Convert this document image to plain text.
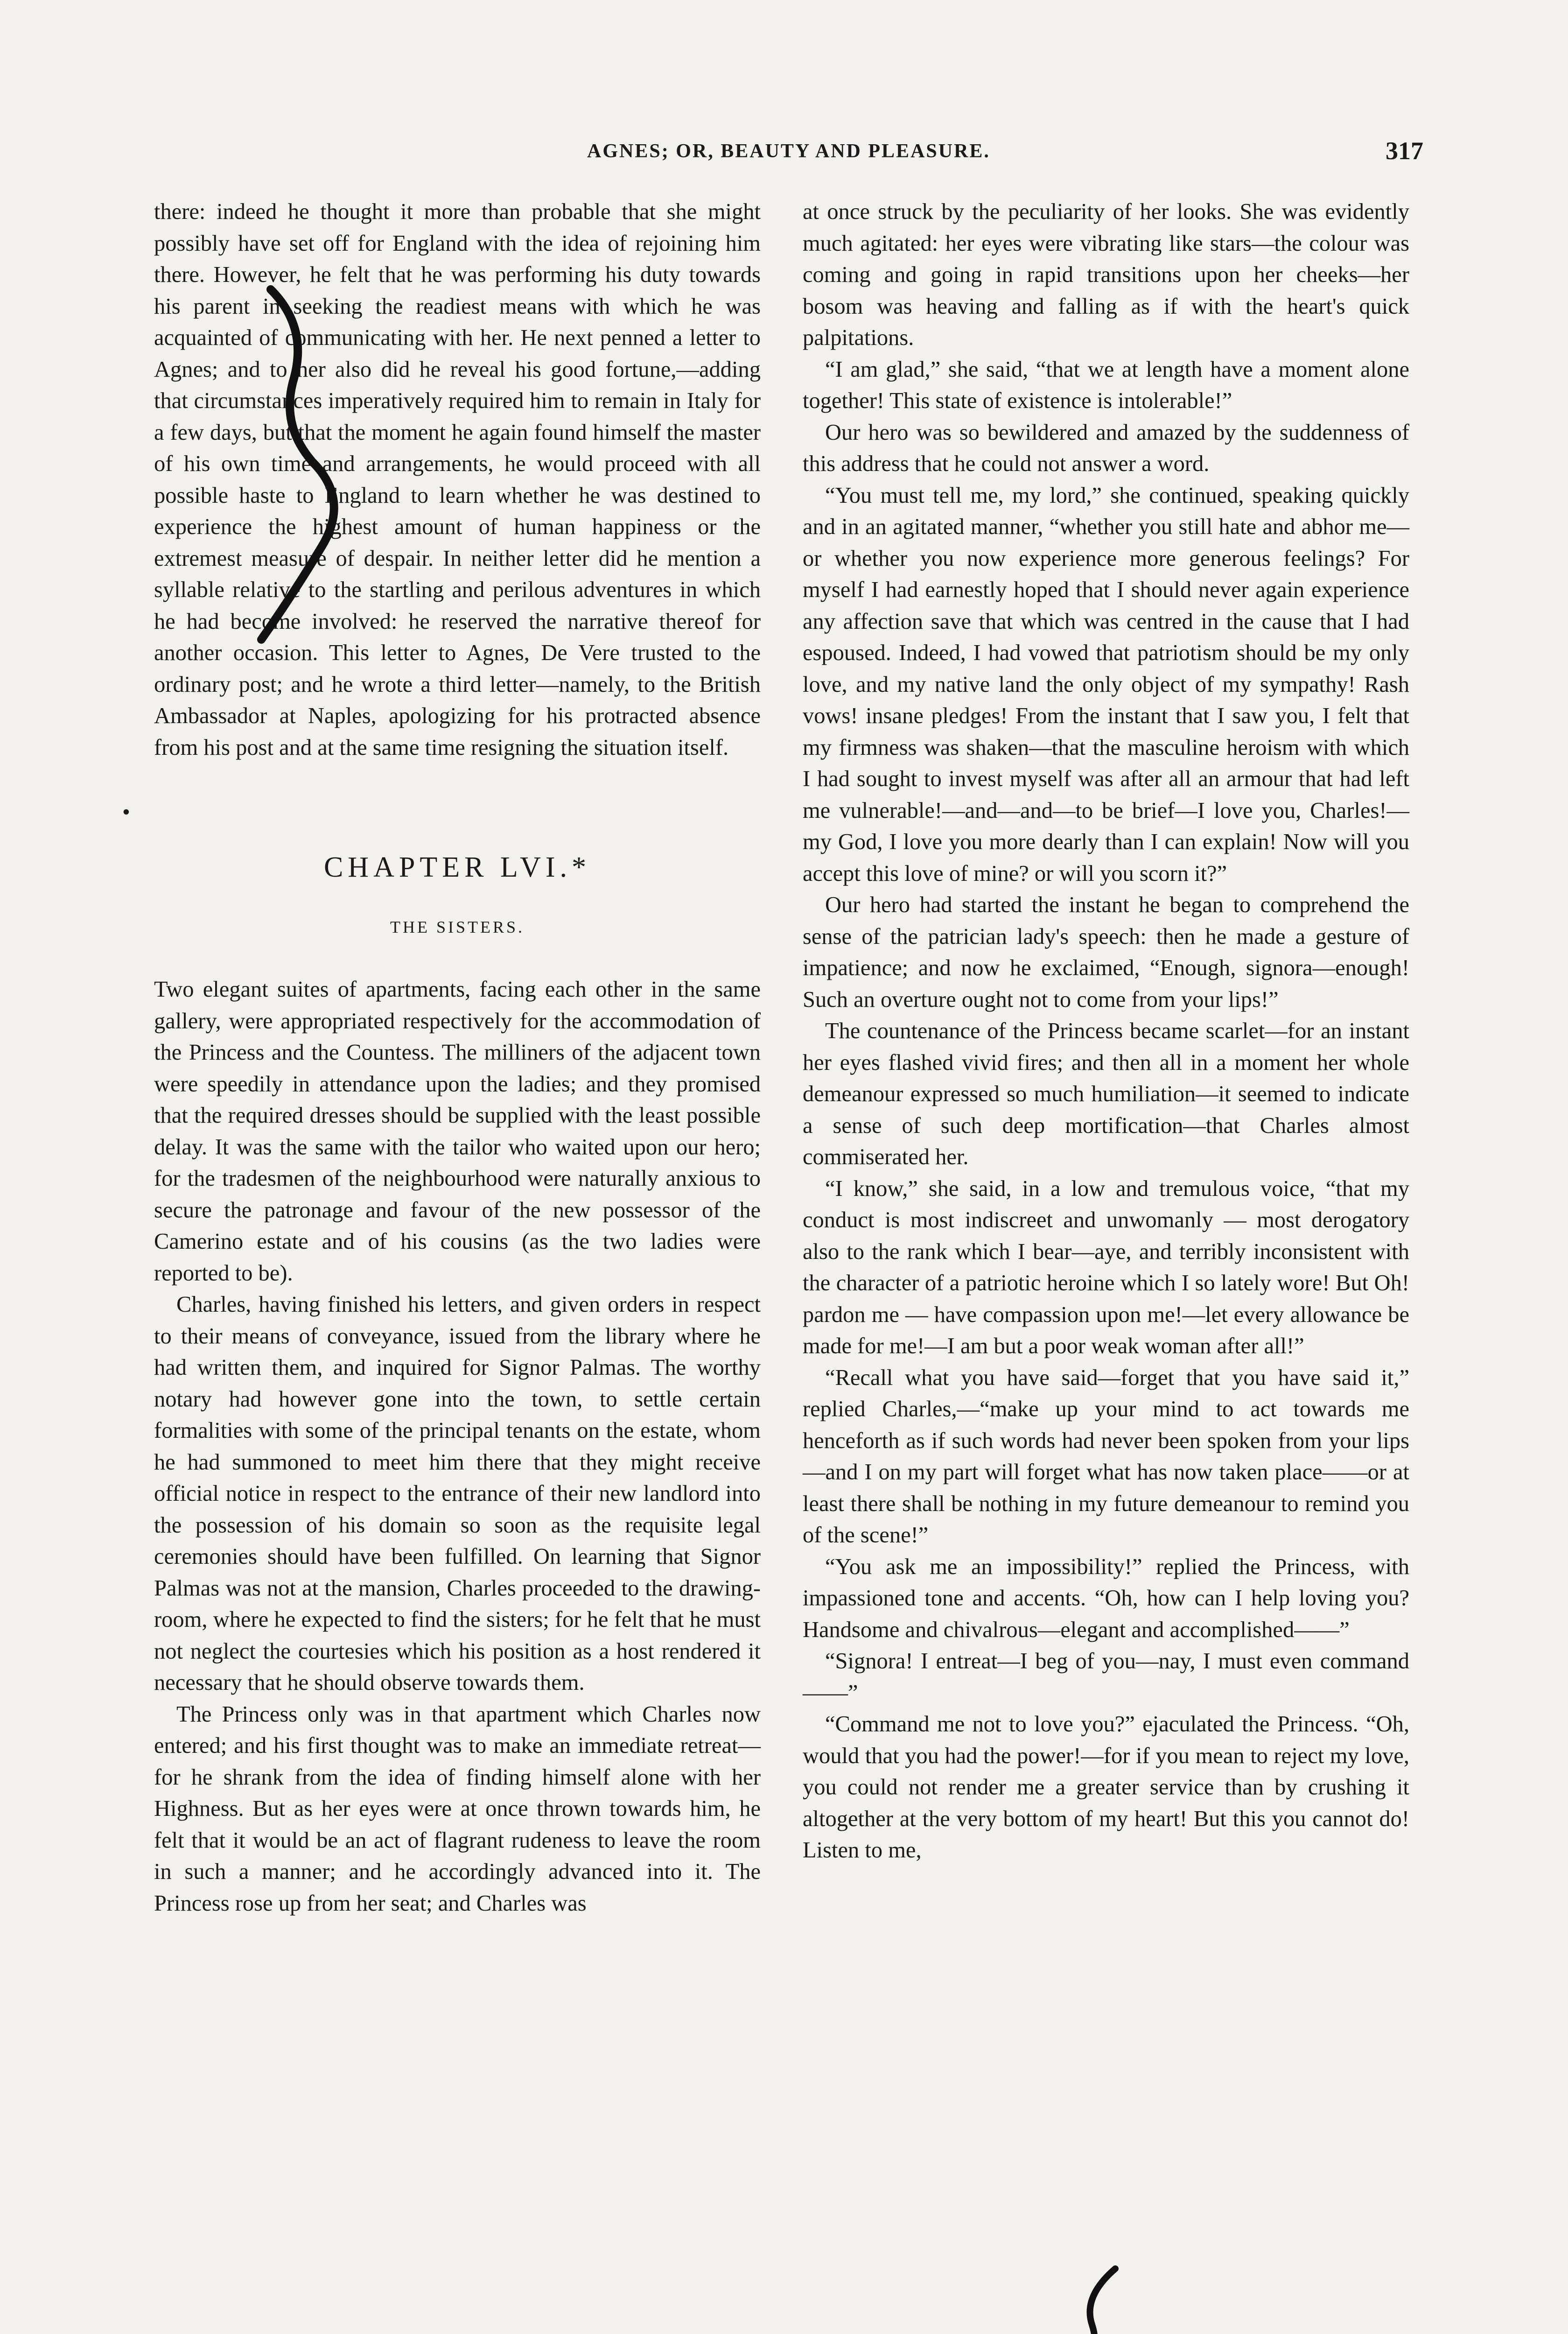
AGNES; OR, BEAUTY AND PLEASURE.	317

there: indeed he thought it more than probable that she might possibly have set off for England with the idea of rejoining him there. However, he felt that he was performing his duty towards his parent in seeking the readiest means with which he was acquainted of communicating with her. He next penned a letter to Agnes; and to her also did he reveal his good fortune,—adding that circumstances imperatively required him to remain in Italy for a few days, but that the moment he again found himself the master of his own time and arrangements, he would proceed with all possible haste to England to learn whether he was destined to experience the highest amount of human happiness or the extremest measure of despair. In neither letter did he mention a syllable relative to the startling and perilous adventures in which he had become involved: he reserved the narrative thereof for another occasion. This letter to Agnes, De Vere trusted to the ordinary post; and he wrote a third letter—namely, to the British Ambassador at Naples, apologizing for his protracted absence from his post and at the same time resigning the situation itself.

CHAPTER LVI.*
THE SISTERS.

Two elegant suites of apartments, facing each other in the same gallery, were appropriated respectively for the accommodation of the Princess and the Countess. The milliners of the adjacent town were speedily in attendance upon the ladies; and they promised that the required dresses should be supplied with the least possible delay. It was the same with the tailor who waited upon our hero; for the tradesmen of the neighbourhood were naturally anxious to secure the patronage and favour of the new possessor of the Camerino estate and of his cousins (as the two ladies were reported to be).

Charles, having finished his letters, and given orders in respect to their means of conveyance, issued from the library where he had written them, and inquired for Signor Palmas. The worthy notary had however gone into the town, to settle certain formalities with some of the principal tenants on the estate, whom he had summoned to meet him there that they might receive official notice in respect to the entrance of their new landlord into the possession of his domain so soon as the requisite legal ceremonies should have been fulfilled. On learning that Signor Palmas was not at the mansion, Charles proceeded to the drawing-room, where he expected to find the sisters; for he felt that he must not neglect the courtesies which his position as a host rendered it necessary that he should observe towards them.

The Princess only was in that apartment which Charles now entered; and his first thought was to make an immediate retreat—for he shrank from the idea of finding himself alone with her Highness. But as her eyes were at once thrown towards him, he felt that it would be an act of flagrant rudeness to leave the room in such a manner; and he accordingly advanced into it. The Princess rose up from her seat; and Charles was

at once struck by the peculiarity of her looks. She was evidently much agitated: her eyes were vibrating like stars—the colour was coming and going in rapid transitions upon her cheeks—her bosom was heaving and falling as if with the heart's quick palpitations.

“I am glad,” she said, “that we at length have a moment alone together! This state of existence is intolerable!”

Our hero was so bewildered and amazed by the suddenness of this address that he could not answer a word.

“You must tell me, my lord,” she continued, speaking quickly and in an agitated manner, “whether you still hate and abhor me—or whether you now experience more generous feelings? For myself I had earnestly hoped that I should never again experience any affection save that which was centred in the cause that I had espoused. Indeed, I had vowed that patriotism should be my only love, and my native land the only object of my sympathy! Rash vows! insane pledges! From the instant that I saw you, I felt that my firmness was shaken—that the masculine heroism with which I had sought to invest myself was after all an armour that had left me vulnerable!—and—and—to be brief—I love you, Charles!—my God, I love you more dearly than I can explain! Now will you accept this love of mine? or will you scorn it?”

Our hero had started the instant he began to comprehend the sense of the patrician lady's speech: then he made a gesture of impatience; and now he exclaimed, “Enough, signora—enough! Such an overture ought not to come from your lips!”

The countenance of the Princess became scarlet—for an instant her eyes flashed vivid fires; and then all in a moment her whole demeanour expressed so much humiliation—it seemed to indicate a sense of such deep mortification—that Charles almost commiserated her.

“I know,” she said, in a low and tremulous voice, “that my conduct is most indiscreet and unwomanly — most derogatory also to the rank which I bear—aye, and terribly inconsistent with the character of a patriotic heroine which I so lately wore! But Oh! pardon me — have compassion upon me!—let every allowance be made for me!—I am but a poor weak woman after all!”

“Recall what you have said—forget that you have said it,” replied Charles,—“make up your mind to act towards me henceforth as if such words had never been spoken from your lips—and I on my part will forget what has now taken place——or at least there shall be nothing in my future demeanour to remind you of the scene!”

“You ask me an impossibility!” replied the Princess, with impassioned tone and accents. “Oh, how can I help loving you? Handsome and chivalrous—elegant and accomplished——”

“Signora! I entreat—I beg of you—nay, I must even command——”

“Command me not to love you?” ejaculated the Princess. “Oh, would that you had the power!—for if you mean to reject my love, you could not render me a greater service than by crushing it altogether at the very bottom of my heart! But this you cannot do! Listen to me,

•
